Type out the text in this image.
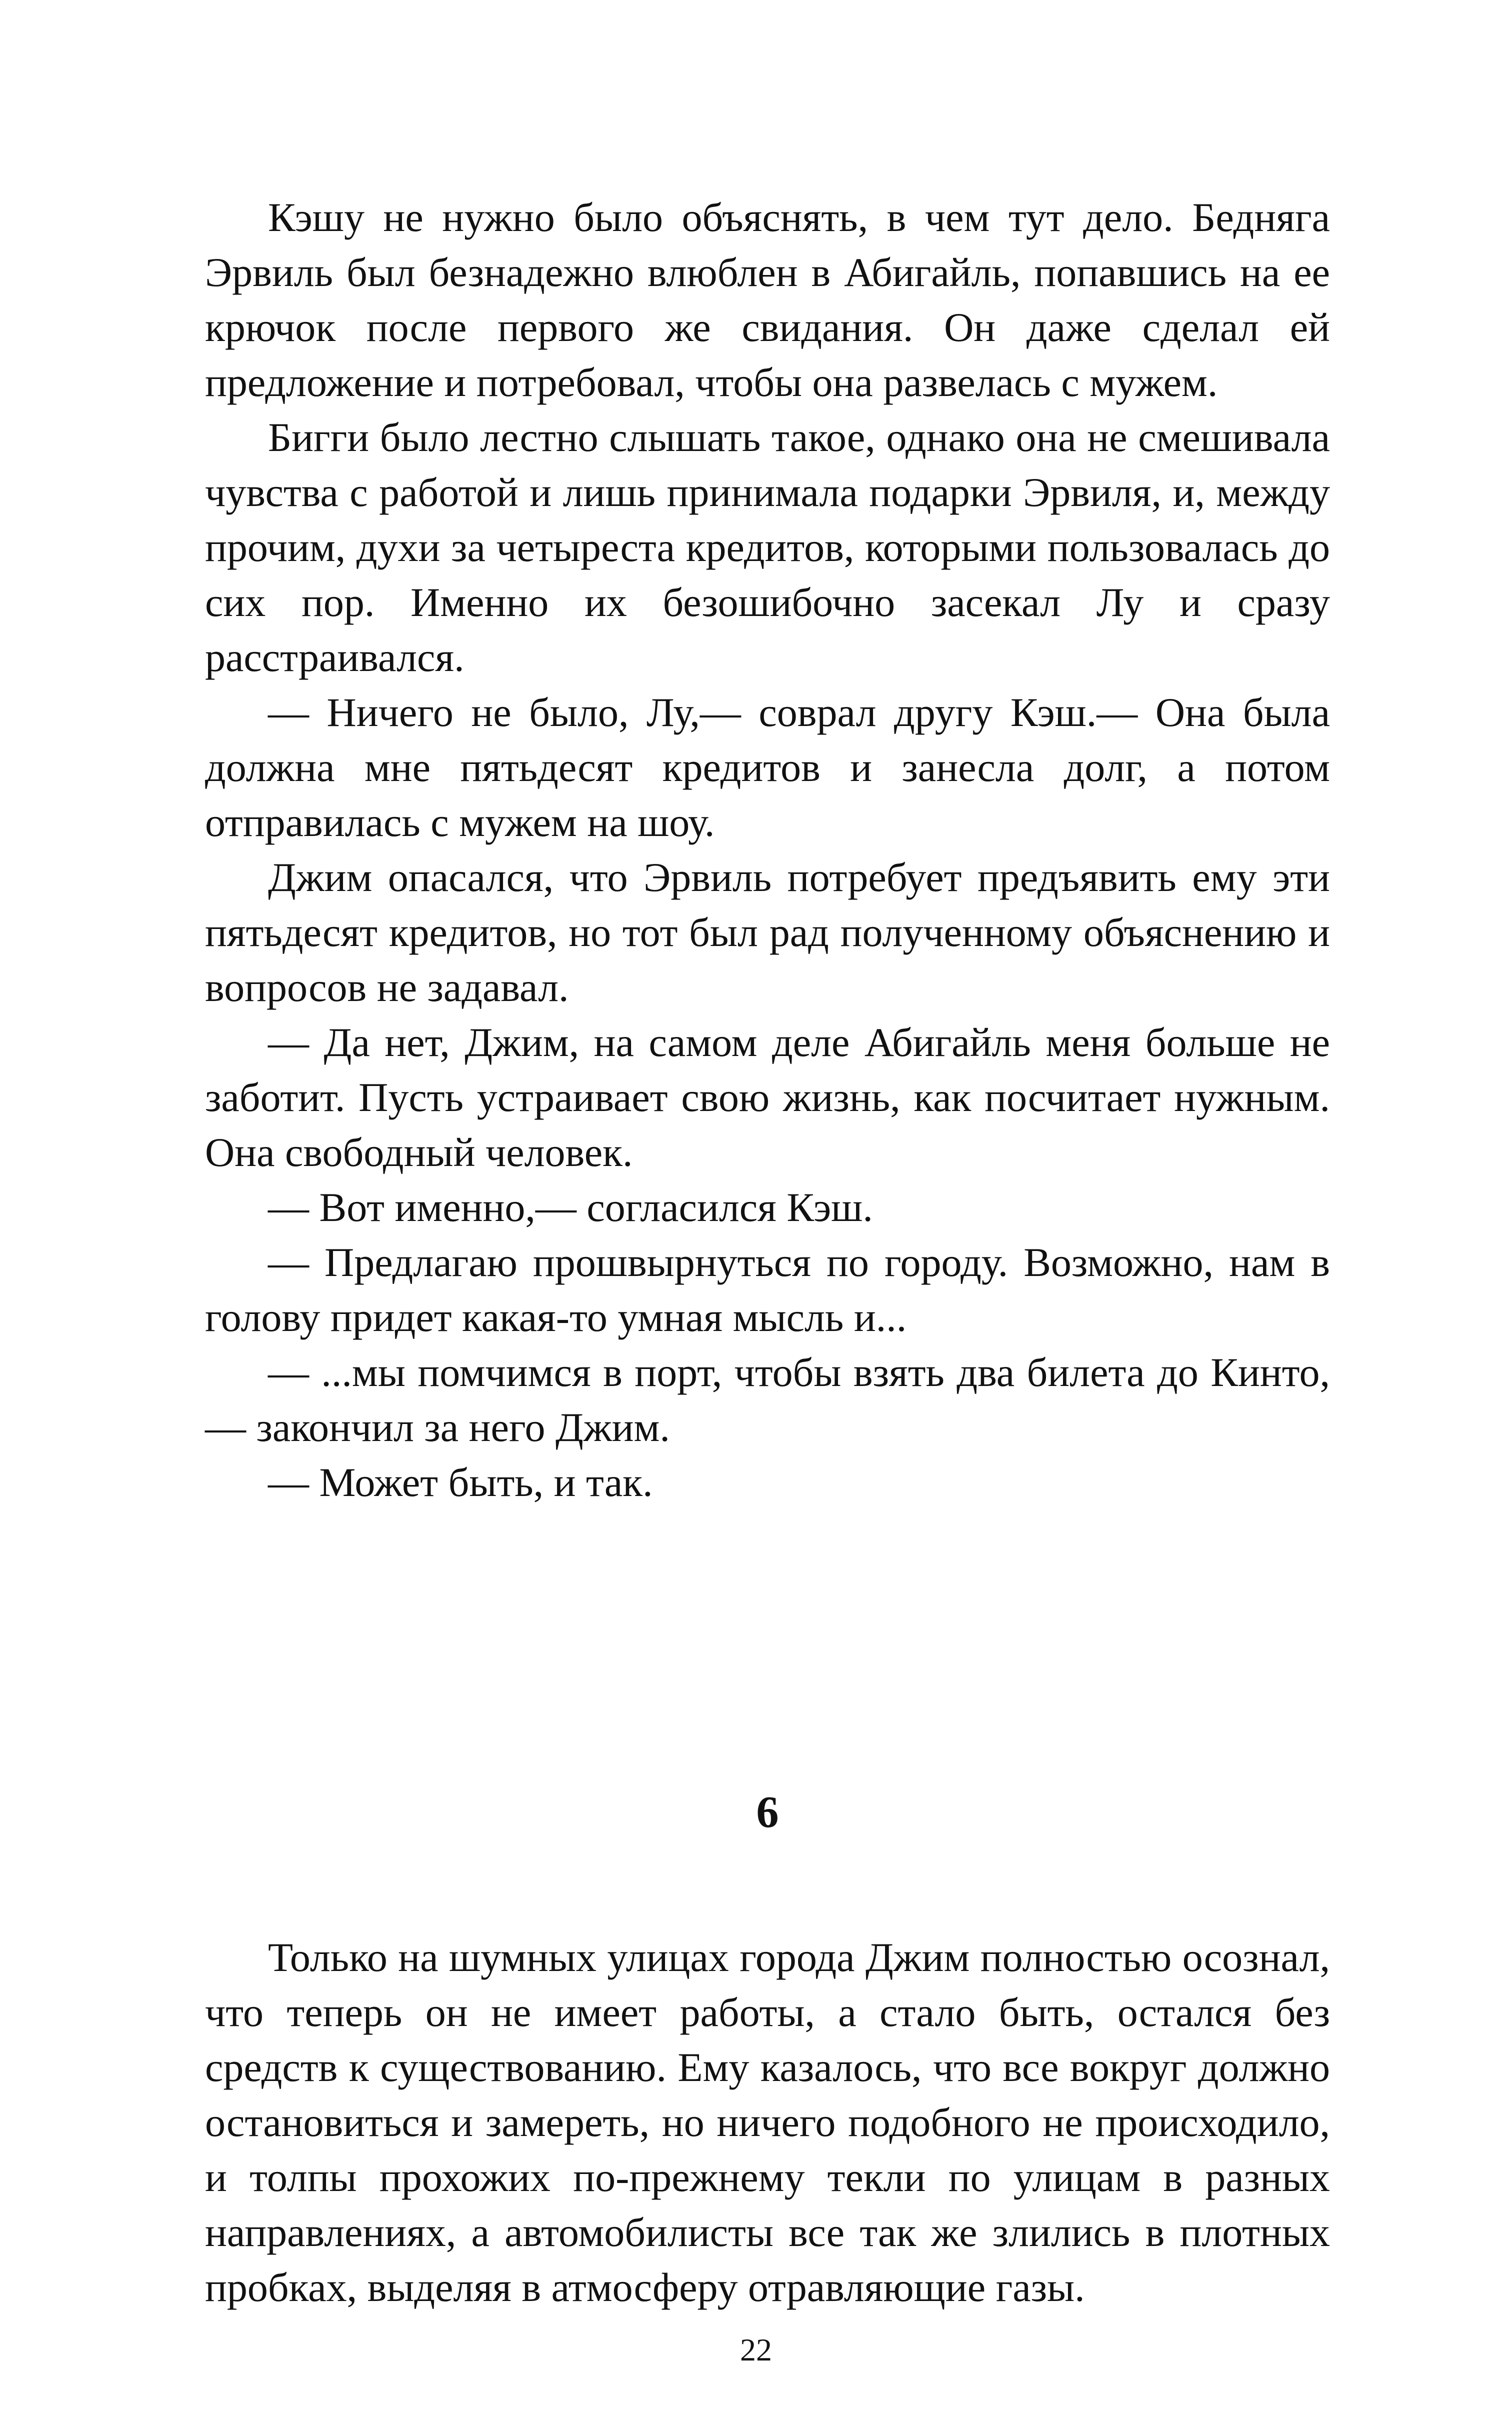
Кэшу не нужно было объяснять, в чем тут дело. Бедняга Эрвиль был безнадежно влюблен в Абигайль, попавшись на ее крючок после первого же свидания. Он даже сделал ей предложение и потребовал, чтобы она развелась с мужем.

Бигги было лестно слышать такое, однако она не смешивала чувства с работой и лишь принимала подарки Эрвиля, и, между прочим, духи за четыреста кредитов, которыми пользовалась до сих пор. Именно их безошибочно засекал Лу и сразу расстраивался.

— Ничего не было, Лу,— соврал другу Кэш.— Она была должна мне пятьдесят кредитов и занесла долг, а потом отправилась с мужем на шоу.

Джим опасался, что Эрвиль потребует предъявить ему эти пятьдесят кредитов, но тот был рад полученному объяснению и вопросов не задавал.

— Да нет, Джим, на самом деле Абигайль меня больше не заботит. Пусть устраивает свою жизнь, как посчитает нужным. Она свободный человек.

— Вот именно,— согласился Кэш.

— Предлагаю прошвырнуться по городу. Возможно, нам в голову придет какая-то умная мысль и...

— ...мы помчимся в порт, чтобы взять два билета до Кинто,— закончил за него Джим.

— Может быть, и так.

6

Только на шумных улицах города Джим полностью осознал, что теперь он не имеет работы, а стало быть, остался без средств к существованию. Ему казалось, что все вокруг должно остановиться и замереть, но ничего подобного не происходило, и толпы прохожих по-прежнему текли по улицам в разных направлениях, а автомобилисты все так же злились в плотных пробках, выделяя в атмосферу отравляющие газы.

22
